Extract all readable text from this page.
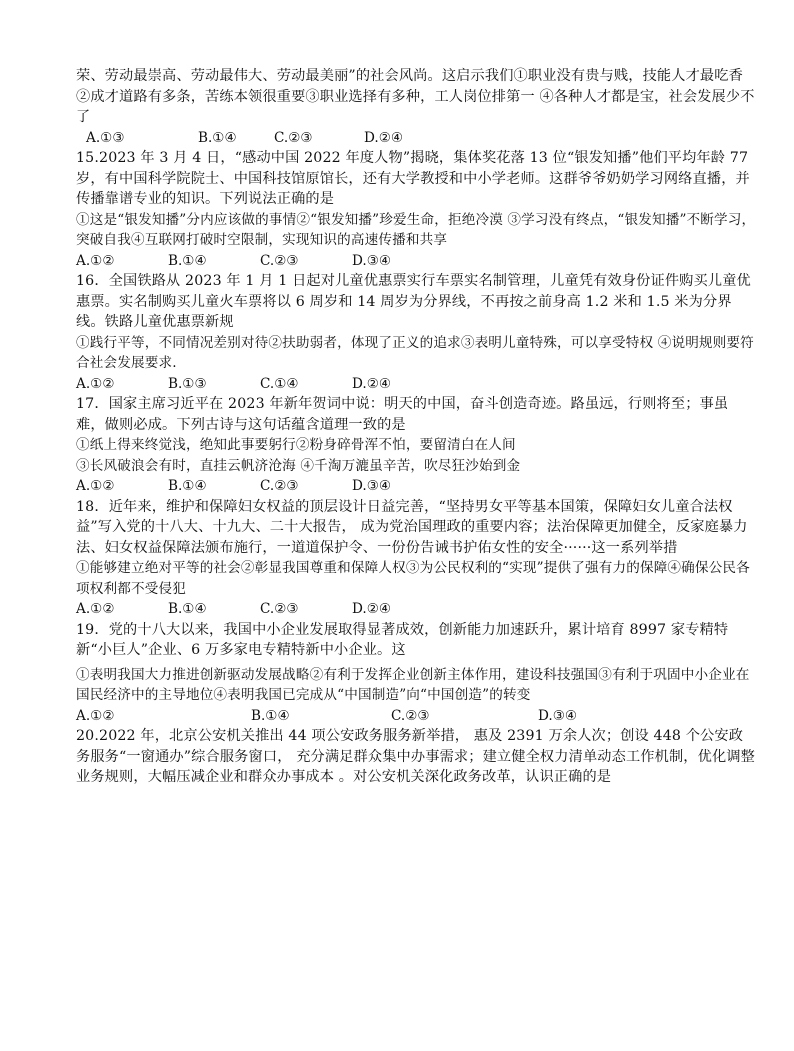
荣、劳动最崇高、劳动最伟大、劳动最美丽”的社会风尚。这启示我们①职业没有贵与贱，技能人才最吃香②成才道路有多条，苦练本领很重要③职业选择有多种，工人岗位排第一 ④各种人才都是宝，社会发展少不了

A.①③	B.①④	C.②③	D.②④

15.2023 年 3 月 4 日，“感动中国 2022 年度人物”揭晓，集体奖花落 13 位“银发知播”他们平均年龄 77 岁，有中国科学院院士、中国科技馆原馆长，还有大学教授和中小学老师。这群爷爷奶奶学习网络直播，并传播靠谱专业的知识。下列说法正确的是

①这是“银发知播”分内应该做的事情②“银发知播”珍爱生命，拒绝冷漠 ③学习没有终点，“银发知播”不断学习，突破自我④互联网打破时空限制，实现知识的高速传播和共享

A.①②	B.①④	C.②③	D.③④

16．全国铁路从 2023 年 1 月 1 日起对儿童优惠票实行车票实名制管理，儿童凭有效身份证件购买儿童优惠票。实名制购买儿童火车票将以 6 周岁和 14 周岁为分界线，不再按之前身高 1.2 米和 1.5 米为分界线。铁路儿童优惠票新规

①践行平等，不同情况差别对待②扶助弱者，体现了正义的追求③表明儿童特殊，可以享受特权 ④说明规则要符合社会发展要求.

A.①②	B.①③	C.①④	D.②④

17．国家主席习近平在 2023 年新年贺词中说：明天的中国，奋斗创造奇迹。路虽远，行则将至；事虽难，做则必成。下列古诗与这句话蕴含道理一致的是

①纸上得来终觉浅，绝知此事要躬行②粉身碎骨浑不怕，要留清白在人间

③长风破浪会有时，直挂云帆济沧海 ④千淘万漉虽辛苦，吹尽狂沙始到金

A.①②	B.①④	C.②③	D.③④

18．近年来，维护和保障妇女权益的顶层设计日益完善，“坚持男女平等基本国策，保障妇女儿童合法权益”写入党的十八大、十九大、二十大报告， 成为党治国理政的重要内容；法治保障更加健全，反家庭暴力法、妇女权益保障法颁布施行，一道道保护令、一份份告诫书护佑女性的安全······这一系列举措

①能够建立绝对平等的社会②彰显我国尊重和保障人权③为公民权利的“实现”提供了强有力的保障④确保公民各项权利都不受侵犯

A.①②	B.①④	C.②③	D.②④

19．党的十八大以来，我国中小企业发展取得显著成效，创新能力加速跃升，累计培育 8997 家专精特新“小巨人”企业、6 万多家电专精特新中小企业。这

①表明我国大力推进创新驱动发展战略②有利于发挥企业创新主体作用，建设科技强国③有利于巩固中小企业在国民经济中的主导地位④表明我国已完成从“中国制造”向“中国创造”的转变

A.①②	B.①④	C.②③	D.③④

20.2022 年，北京公安机关推出 44 项公安政务服务新举措， 惠及 2391 万余人次；创设 448 个公安政务服务“一窗通办”综合服务窗口， 充分满足群众集中办事需求；建立健全权力清单动态工作机制，优化调整业务规则，大幅压减企业和群众办事成本 。对公安机关深化政务改革，认识正确的是
